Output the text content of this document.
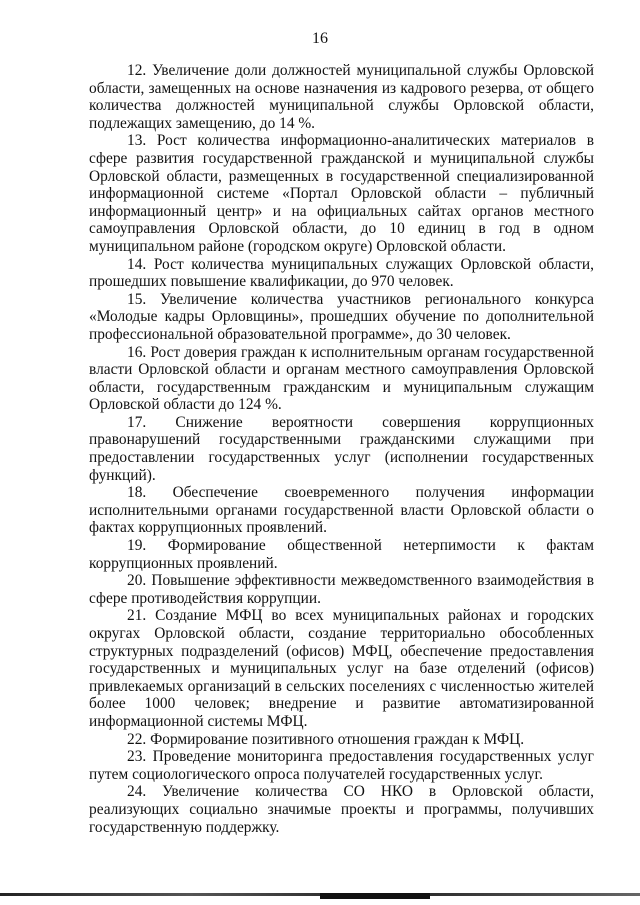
16

12. Увеличение доли должностей муниципальной службы Орловской области, замещенных на основе назначения из кадрового резерва, от общего количества должностей муниципальной службы Орловской области, подлежащих замещению, до 14 %.

13. Рост количества информационно-аналитических материалов в сфере развития государственной гражданской и муниципальной службы Орловской области, размещенных в государственной специализированной информационной системе «Портал Орловской области – публичный информационный центр» и на официальных сайтах органов местного самоуправления Орловской области, до 10 единиц в год в одном муниципальном районе (городском округе) Орловской области.

14. Рост количества муниципальных служащих Орловской области, прошедших повышение квалификации, до 970 человек.

15. Увеличение количества участников регионального конкурса «Молодые кадры Орловщины», прошедших обучение по дополнительной профессиональной образовательной программе», до 30 человек.

16. Рост доверия граждан к исполнительным органам государственной власти Орловской области и органам местного самоуправления Орловской области, государственным гражданским и муниципальным служащим Орловской области до 124 %.

17. Снижение вероятности совершения коррупционных правонарушений государственными гражданскими служащими при предоставлении государственных услуг (исполнении государственных функций).

18. Обеспечение своевременного получения информации исполнительными органами государственной власти Орловской области о фактах коррупционных проявлений.

19. Формирование общественной нетерпимости к фактам коррупционных проявлений.

20. Повышение эффективности межведомственного взаимодействия в сфере противодействия коррупции.

21. Создание МФЦ во всех муниципальных районах и городских округах Орловской области, создание территориально обособленных структурных подразделений (офисов) МФЦ, обеспечение предоставления государственных и муниципальных услуг на базе отделений (офисов) привлекаемых организаций в сельских поселениях с численностью жителей более 1000 человек; внедрение и развитие автоматизированной информационной системы МФЦ.

22. Формирование позитивного отношения граждан к МФЦ.

23. Проведение мониторинга предоставления государственных услуг путем социологического опроса получателей государственных услуг.

24. Увеличение количества СО НКО в Орловской области, реализующих социально значимые проекты и программы, получивших государственную поддержку.
